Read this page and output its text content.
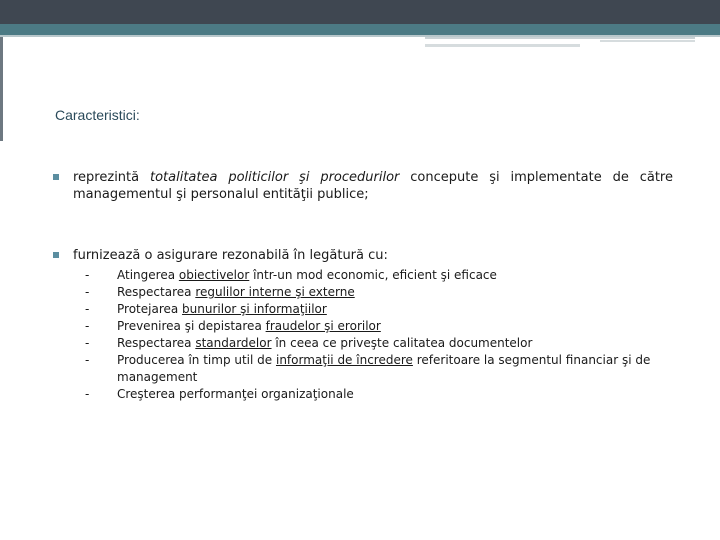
Caracteristici:
reprezintă totalitatea politicilor şi procedurilor concepute şi implementate de către managementul şi personalul entităţii publice;
furnizează o asigurare rezonabilă în legătură cu:
- Atingerea obiectivelor într-un mod economic, eficient şi eficace
- Respectarea regulilor interne şi externe
- Protejarea bunurilor şi informaţiilor
- Prevenirea şi depistarea fraudelor şi erorilor
- Respectarea standardelor în ceea ce priveşte calitatea documentelor
- Producerea în timp util de informaţii de încredere referitoare la segmentul financiar şi de management
- Creşterea performanţei organizaţionale
